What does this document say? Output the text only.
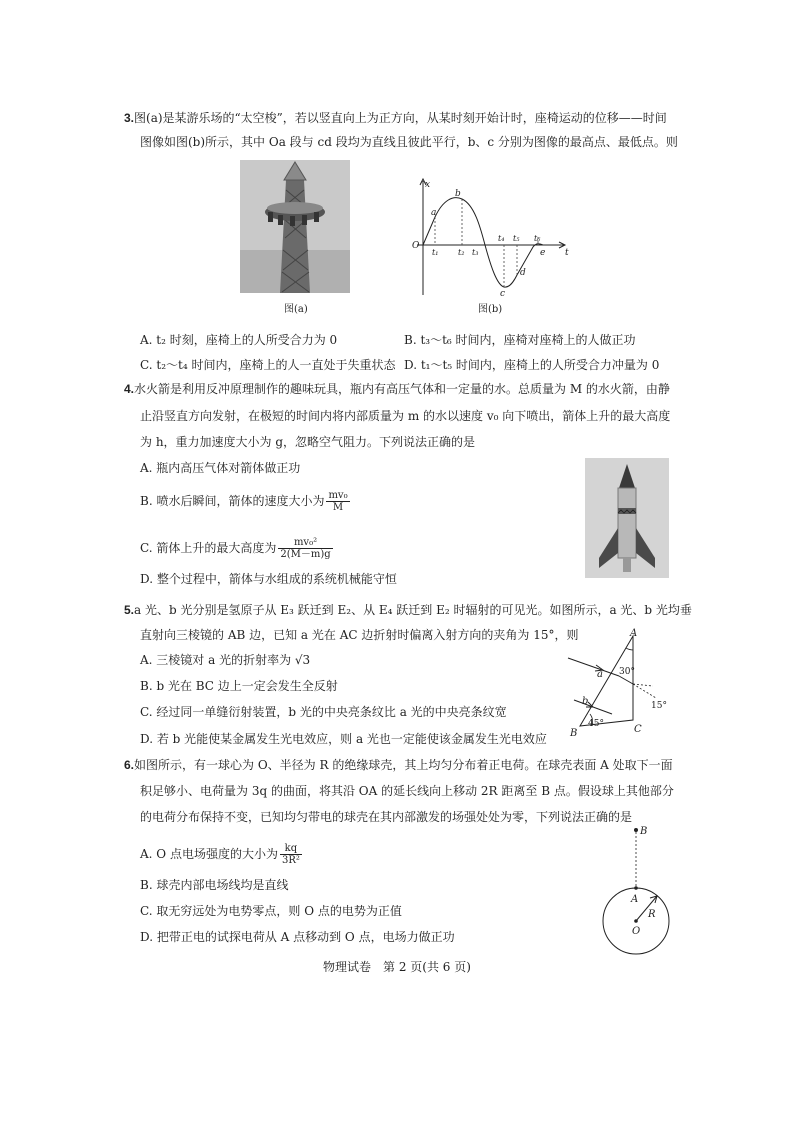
3.图(a)是某游乐场的“太空梭”，若以竖直向上为正方向，从某时刻开始计时，座椅运动的位移——时间
图像如图(b)所示，其中 Oa 段与 cd 段均为直线且彼此平行，b、c 分别为图像的最高点、最低点。则
图(a)
x
t
O
a
b
c
d
e
t₁ t₂ t₃
t₄ t₅ t₆
图(b)
A. t₂ 时刻，座椅上的人所受合力为 0	B. t₃～t₆ 时间内，座椅对座椅上的人做正功
C. t₂～t₄ 时间内，座椅上的人一直处于失重状态 D. t₁～t₅ 时间内，座椅上的人所受合力冲量为 0
4.水火箭是利用反冲原理制作的趣味玩具，瓶内有高压气体和一定量的水。总质量为 M 的水火箭，由静
止沿竖直方向发射，在极短的时间内将内部质量为 m 的水以速度 v₀ 向下喷出，箭体上升的最大高度
为 h，重力加速度大小为 g，忽略空气阻力。下列说法正确的是
A. 瓶内高压气体对箭体做正功
B. 喷水后瞬间，箭体的速度大小为 $\frac{\text{mv₀}}{M}$
C. 箭体上升的最大高度为 $\frac{\text{mv₀²}}{2(M-m)g}$
D. 整个过程中，箭体与水组成的系统机械能守恒
5.a 光、b 光分别是氢原子从 E₃ 跃迁到 E₂、从 E₄ 跃迁到 E₂ 时辐射的可见光。如图所示，a 光、b 光均垂
直射向三棱镜的 AB 边，已知 a 光在 AC 边折射时偏离入射方向的夹角为 15°，则
A. 三棱镜对 a 光的折射率为 √3
B. b 光在 BC 边上一定会发生全反射
C. 经过同一单缝衍射装置，b 光的中央亮条纹比 a 光的中央亮条纹宽
D. 若 b 光能使某金属发生光电效应，则 a 光也一定能使该金属发生光电效应
A
B	C
a
b
30°
45°
15°
6.如图所示，有一球心为 O、半径为 R 的绝缘球壳，其上均匀分布着正电荷。在球壳表面 A 处取下一面
积足够小、电荷量为 3q 的曲面，将其沿 OA 的延长线向上移动 2R 距离至 B 点。假设球上其他部分
的电荷分布保持不变，已知均匀带电的球壳在其内部激发的场强处处为零，下列说法正确的是
A. O 点电场强度的大小为 $\frac{kq}{\text{3R²}}$
B. 球壳内部电场线均是直线
C. 取无穷远处为电势零点，则 O 点的电势为正值
D. 把带正电的试探电荷从 A 点移动到 O 点，电场力做正功
B
A
O
R
物理试卷　第 2 页(共 6 页)
